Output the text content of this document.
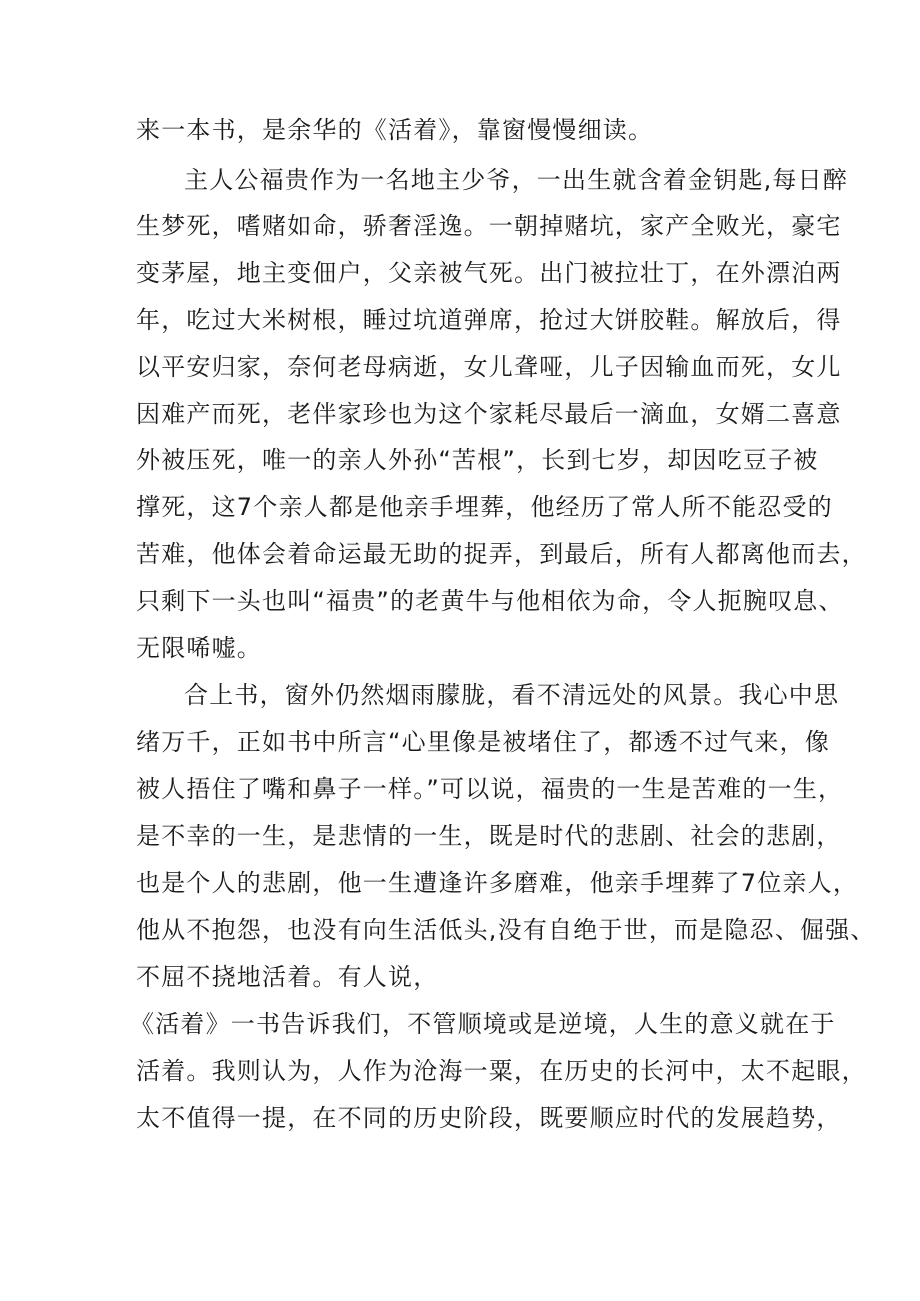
来一本书，是余华的《活着》，靠窗慢慢细读。
主人公福贵作为一名地主少爷，一出生就含着金钥匙,每日醉
生梦死，嗜赌如命，骄奢淫逸。一朝掉赌坑，家产全败光，豪宅
变茅屋，地主变佃户，父亲被气死。出门被拉壮丁，在外漂泊两
年，吃过大米树根，睡过坑道弹席，抢过大饼胶鞋。解放后，得
以平安归家，奈何老母病逝，女儿聋哑，儿子因输血而死，女儿
因难产而死，老伴家珍也为这个家耗尽最后一滴血，女婿二喜意
外被压死，唯一的亲人外孙“苦根”，长到七岁，却因吃豆子被
撑死，这7个亲人都是他亲手埋葬，他经历了常人所不能忍受的
苦难，他体会着命运最无助的捉弄，到最后，所有人都离他而去，
只剩下一头也叫“福贵”的老黄牛与他相依为命，令人扼腕叹息、
无限唏嘘。
合上书，窗外仍然烟雨朦胧，看不清远处的风景。我心中思
绪万千，正如书中所言“心里像是被堵住了，都透不过气来，像
被人捂住了嘴和鼻子一样。”可以说，福贵的一生是苦难的一生，
是不幸的一生，是悲情的一生，既是时代的悲剧、社会的悲剧，
也是个人的悲剧，他一生遭逢许多磨难，他亲手埋葬了7位亲人，
他从不抱怨，也没有向生活低头,没有自绝于世，而是隐忍、倔强、
不屈不挠地活着。有人说，
《活着》一书告诉我们，不管顺境或是逆境，人生的意义就在于
活着。我则认为，人作为沧海一粟，在历史的长河中，太不起眼，
太不值得一提，在不同的历史阶段，既要顺应时代的发展趋势，
